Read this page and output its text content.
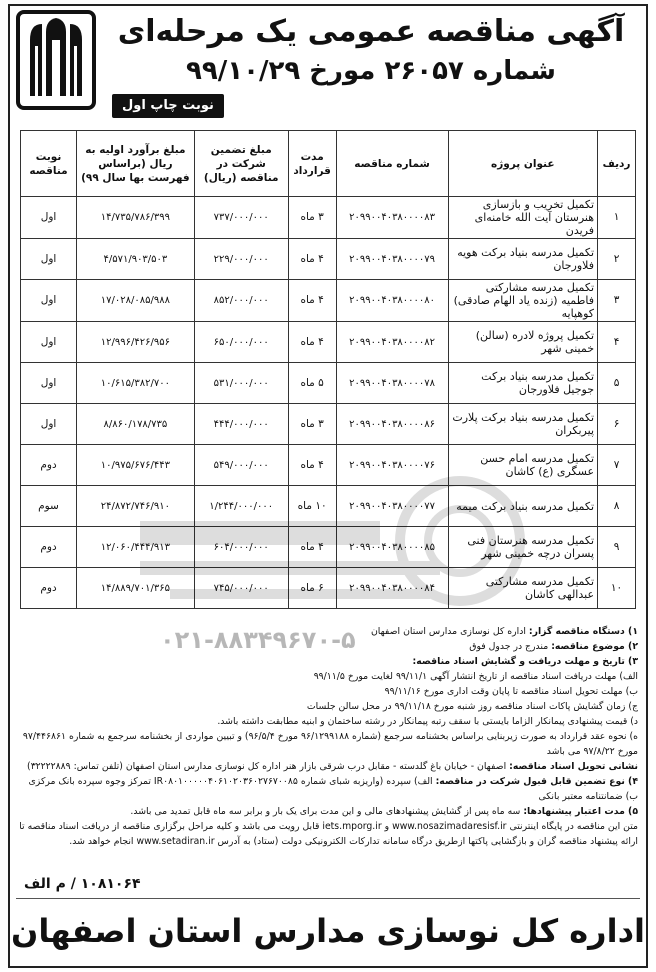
آگهی مناقصه عمومی یک مرحله‌ای
شماره ۲۶۰۵۷ مورخ ۹۹/۱۰/۲۹
نوبت چاپ اول
ردیف	عنوان پروژه	شماره مناقصه	مدت قرارداد	مبلغ تضمین شرکت در مناقصه (ریال)	مبلغ برآورد اولیه به ریال (براساس فهرست بها سال ۹۹)	نوبت مناقصه
۱	تکمیل تخریب و بازسازی هنرستان آیت الله خامنه‌ای فریدن	۲۰۹۹۰۰۴۰۳۸۰۰۰۰۸۳	۳ ماه	۷۳۷/۰۰۰/۰۰۰	۱۴/۷۳۵/۷۸۶/۳۹۹	اول
۲	تکمیل مدرسه بنیاد برکت هویه فلاورجان	۲۰۹۹۰۰۴۰۳۸۰۰۰۰۷۹	۴ ماه	۲۲۹/۰۰۰/۰۰۰	۴/۵۷۱/۹۰۳/۵۰۳	اول
۳	تکمیل مدرسه مشارکتی فاطمیه (زنده یاد الهام صادقی) کوهپایه	۲۰۹۹۰۰۴۰۳۸۰۰۰۰۸۰	۴ ماه	۸۵۲/۰۰۰/۰۰۰	۱۷/۰۲۸/۰۸۵/۹۸۸	اول
۴	تکمیل پروژه لادره (سالن) خمینی شهر	۲۰۹۹۰۰۴۰۳۸۰۰۰۰۸۲	۴ ماه	۶۵۰/۰۰۰/۰۰۰	۱۲/۹۹۶/۴۲۶/۹۵۶	اول
۵	تکمیل مدرسه بنیاد برکت جوجیل فلاورجان	۲۰۹۹۰۰۴۰۳۸۰۰۰۰۷۸	۵ ماه	۵۳۱/۰۰۰/۰۰۰	۱۰/۶۱۵/۳۸۲/۷۰۰	اول
۶	تکمیل مدرسه بنیاد برکت پلارت پیربکران	۲۰۹۹۰۰۴۰۳۸۰۰۰۰۸۶	۳ ماه	۴۴۴/۰۰۰/۰۰۰	۸/۸۶۰/۱۷۸/۷۳۵	اول
۷	تکمیل مدرسه امام حسن عسگری (ع) کاشان	۲۰۹۹۰۰۴۰۳۸۰۰۰۰۷۶	۴ ماه	۵۴۹/۰۰۰/۰۰۰	۱۰/۹۷۵/۶۷۶/۴۴۳	دوم
۸	تکمیل مدرسه بنیاد برکت میمه	۲۰۹۹۰۰۴۰۳۸۰۰۰۰۷۷	۱۰ ماه	۱/۲۴۴/۰۰۰/۰۰۰	۲۴/۸۷۲/۷۴۶/۹۱۰	سوم
۹	تکمیل مدرسه هنرستان فنی پسران درچه خمینی شهر	۲۰۹۹۰۰۴۰۳۸۰۰۰۰۸۵	۴ ماه	۶۰۴/۰۰۰/۰۰۰	۱۲/۰۶۰/۴۴۴/۹۱۳	دوم
۱۰	تکمیل مدرسه مشارکتی عبدالهی کاشان	۲۰۹۹۰۰۴۰۳۸۰۰۰۰۸۴	۶ ماه	۷۴۵/۰۰۰/۰۰۰	۱۴/۸۸۹/۷۰۱/۳۶۵	دوم
۰۲۱-۸۸۳۴۹۶۷۰-۵	۱) دستگاه مناقصه گزار: اداره کل نوسازی مدارس استان اصفهان

۲) موضوع مناقصه: مندرج در جدول فوق

۳) تاریخ و مهلت دریافت و گشایش اسناد مناقصه:

الف) مهلت دریافت اسناد مناقصه از تاریخ انتشار آگهی ۹۹/۱۱/۱ لغایت مورخ ۹۹/۱۱/۵

ب) مهلت تحویل اسناد مناقصه تا پایان وقت اداری مورخ ۹۹/۱۱/۱۶

ج) زمان گشایش پاکات اسناد مناقصه روز شنبه مورخ ۹۹/۱۱/۱۸ در محل سالن جلسات

د) قیمت پیشنهادی پیمانکار الزاما بایستی با سقف رتبه پیمانکار در رشته ساختمان و ابنیه مطابقت داشته باشد.

ه) نحوه عقد قرارداد به صورت زیربنایی براساس بخشنامه سرجمع (شماره ۹۶/۱۲۹۹۱۸۸ مورخ ۹۶/۵/۴) و تبیین مواردی از بخشنامه سرجمع به شماره ۹۷/۴۴۶۸۶۱ مورخ ۹۷/۸/۲۲ می باشد

نشانی تحویل اسناد مناقصه: اصفهان - خیابان باغ گلدسته - مقابل درب شرقی بازار هنر اداره کل نوسازی مدارس استان اصفهان (تلفن تماس: ۳۲۲۲۲۸۸۹)

۴) نوع تضمین قابل قبول شرکت در مناقصه: الف) سپرده (واریزبه شبای شماره IR۰۸۰۱۰۰۰۰۰۴۰۶۱۰۲۰۳۶۰۲۷۶۷۰۰۸۵ تمرکز وجوه سپرده بانک مرکزی ب) ضمانتنامه معتبر بانکی

۵) مدت اعتبار پیشنهادها: سه ماه پس از گشایش پیشنهادهای مالی و این مدت برای یک بار و برابر سه ماه قابل تمدید می باشد.

متن این مناقصه در پایگاه اینترنتی www.nosazimadaresisf.ir و iets.mporg.ir قابل رویت می باشد و کلیه مراحل برگزاری مناقصه از دریافت اسناد مناقصه تا ارائه پیشنهاد مناقصه گران و بازگشایی پاکتها ازطریق درگاه سامانه تدارکات الکترونیکی دولت (ستاد) به آدرس www.setadiran.ir انجام خواهد شد.

۱۰۸۱۰۶۴ / م الف
اداره کل نوسازی مدارس استان اصفهان
